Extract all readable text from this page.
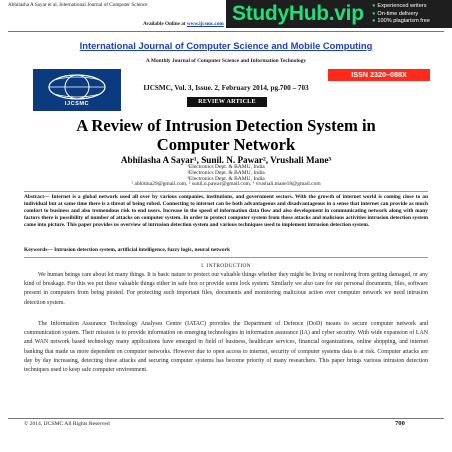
Abhilasha A Sayar et al, International Journal of Computer Science
Available Online at www.ijcsmc.com StudyHub.vip ● Experienced writers
● On-time delivery
● 100% plagiarism free
International Journal of Computer Science and Mobile Computing
A Monthly Journal of Computer Science and Information Technology
IJCSMC
ISSN 2320–088X
IJCSMC, Vol. 3, Issue. 2, February 2014, pg.700 – 703
REVIEW ARTICLE
A Review of Intrusion Detection System in
Computer Network
Abhilasha A Sayar¹, Sunil. N. Pawar², Vrushali Mane³
¹Electronics Dept. & BAMU, India
²Electronics Dept. & BAMU, India
³Electronics Dept. & BAMU, India
¹ abhitina29@gmail.com, ² sunil.n.pawar@gmail.com, ³ vrushali.mane18@gmail.com
Abstract— Internet is a global network used all over by various companies, institutions, and government sectors. With the growth of internet world is coming close to an individual but at same time there is a threat of being robed. Connecting to internet can be both advantageous and disadvantageous in a sense that internet can provide as much comfort to business and also tremendous risk to end users. Increase in the speed of information data flow and also development in communicating network along with many factors there is possibility of number of attacks on computer system. In order to protect computer system from these attacks and malicious activities intrusion detection system came into picture. This paper provides us overview of intrusion detection system and various techniques used to implement intrusion detection system.
Keywords— Intrusion detection system, artificial intelligence, fuzzy logic, neural network
I. INTRODUCTION
We human beings care about lot many things. It is basic nature to protect our valuable things whether they might be living or nonliving from getting damaged, or any kind of breakage. For this we put these valuable things either in safe box or provide some lock system. Similarly we also care for our personal documents, files, software present in computers from being pirated. For protecting such important files, documents and monitoring malicious action over computer network we need intrusion detection system.
The Information Assurance Technology Analyses Centre (IATAC) provides the Department of Defence (DoD) means to secure computer network and communication system. Their mission is to provide information on emerging technologies in information assurance (IA) and cyber security. With wide expansion of LAN and WAN network based technology many applications have emerged in field of business, healthcare services, financial organizations, online shopping, and internet banking that made us more dependent on computer networks. However due to open access to internet, security of computer systems data is at risk. Computer attacks are day by day increasing, detecting these attacks and securing computer systems has become priority of many researchers. This paper brings various intrusion detection techniques used to keep safe computer environment.
© 2014, IJCSMC All Rights Reserved	700
